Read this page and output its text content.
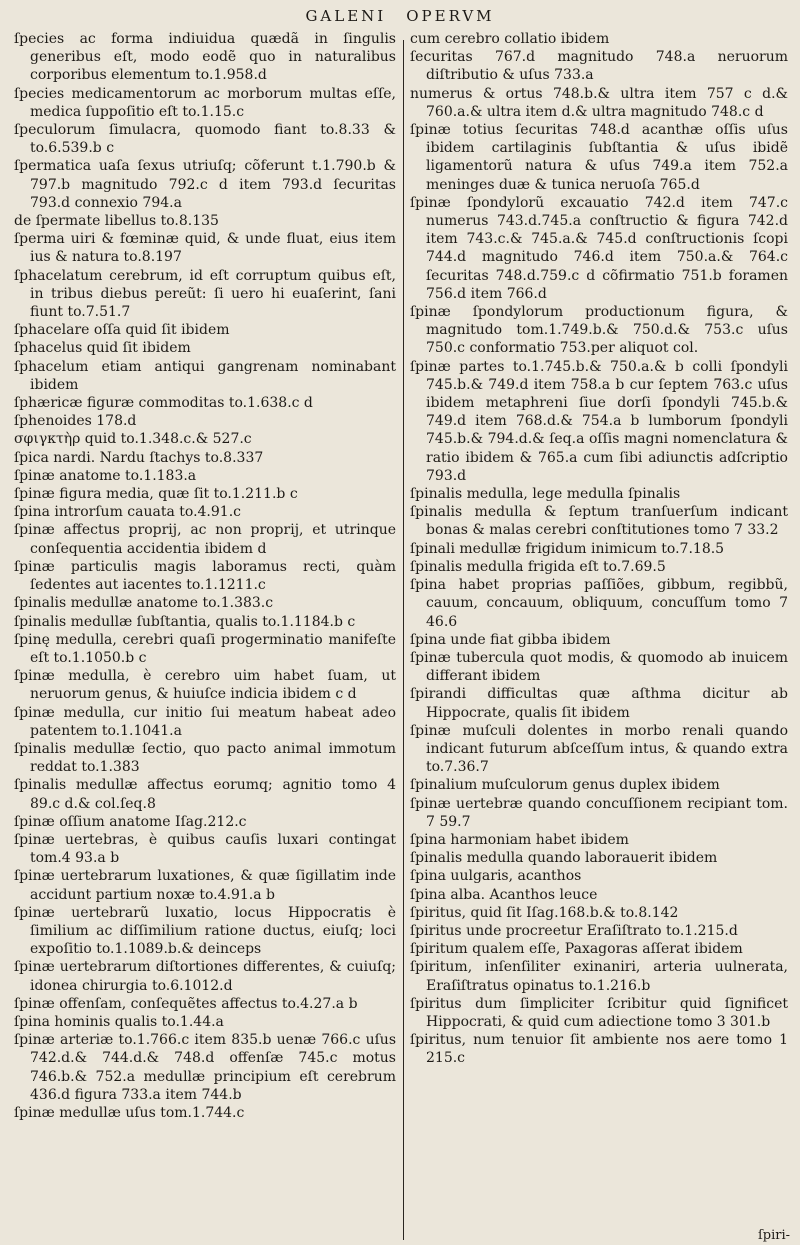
GALENI OPERVM

ſpecies ac forma indiuidua quædã in ſingulis generibus eſt, modo eodẽ quo in naturalibus corporibus elementum to.1.958.d

ſpecies medicamentorum ac morborum multas eſſe, medica ſuppoſitio eſt to.1.15.c

ſpeculorum ſimulacra, quomodo fiant to.8.33 & to.6.539.b c

ſpermatica uaſa ſexus utriuſq; cõferunt t.1.790.b & 797.b magnitudo 792.c d item 793.d ſecuritas 793.d connexio 794.a

de ſpermate libellus to.8.135

ſperma uiri & fœminæ quid, & unde fluat, eius item ius & natura to.8.197

ſphacelatum cerebrum, id eſt corruptum quibus eſt, in tribus diebus pereũt: ſi uero hi euaſerint, ſani fiunt to.7.51.7

ſphacelare oſſa quid ſit ibidem

ſphacelus quid ſit ibidem

ſphacelum etiam antiqui gangrenam nominabant ibidem

ſphæricæ figuræ commoditas to.1.638.c d

ſphenoides 178.d

σφιγκτὴρ quid to.1.348.c.& 527.c

ſpica nardi. Nardu ſtachys to.8.337

ſpinæ anatome to.1.183.a

ſpinæ figura media, quæ ſit to.1.211.b c

ſpina introrſum cauata to.4.91.c

ſpinæ affectus proprij, ac non proprij, et utrinque conſequentia accidentia ibidem d

ſpinæ particulis magis laboramus recti, quàm ſedentes aut iacentes to.1.1211.c

ſpinalis medullæ anatome to.1.383.c

ſpinalis medullæ ſubſtantia, qualis to.1.1184.b c

ſpinę medulla, cerebri quaſi progerminatio manifeſte eſt to.1.1050.b c

ſpinæ medulla, è cerebro uim habet ſuam, ut neruorum genus, & huiuſce indicia ibidem c d

ſpinæ medulla, cur initio ſui meatum habeat adeo patentem to.1.1041.a

ſpinalis medullæ ſectio, quo pacto animal immotum reddat to.1.383

ſpinalis medullæ affectus eorumq; agnitio tomo 4 89.c d.& col.ſeq.8

ſpinæ oſſium anatome Iſag.212.c

ſpinæ uertebras, è quibus cauſis luxari contingat tom.4 93.a b

ſpinæ uertebrarum luxationes, & quæ ſigillatim inde accidunt partium noxæ to.4.91.a b

ſpinæ uertebrarũ luxatio, locus Hippocratis è ſimilium ac diſſimilium ratione ductus, eiuſq; loci expoſitio to.1.1089.b.& deinceps

ſpinæ uertebrarum diſtortiones differentes, & cuiuſq; idonea chirurgia to.6.1012.d

ſpinæ offenſam, conſequẽtes affectus to.4.27.a b

ſpina hominis qualis to.1.44.a

ſpinæ arteriæ to.1.766.c item 835.b uenæ 766.c uſus 742.d.& 744.d.& 748.d offenſæ 745.c motus 746.b.& 752.a medullæ principium eſt cerebrum 436.d figura 733.a item 744.b

ſpinæ medullæ uſus tom.1.744.c

cum cerebro collatio ibidem

ſecuritas 767.d magnitudo 748.a neruorum diſtributio & uſus 733.a

numerus & ortus 748.b.& ultra item 757 c d.& 760.a.& ultra item d.& ultra magnitudo 748.c d

ſpinæ totius ſecuritas 748.d acanthæ oſſis uſus ibidem cartilaginis ſubſtantia & uſus ibidẽ ligamentorũ natura & uſus 749.a item 752.a meninges duæ & tunica neruoſa 765.d

ſpinæ ſpondylorũ excauatio 742.d item 747.c numerus 743.d.745.a conſtructio & figura 742.d item 743.c.& 745.a.& 745.d conſtructionis ſcopi 744.d magnitudo 746.d item 750.a.& 764.c ſecuritas 748.d.759.c d cõfirmatio 751.b foramen 756.d item 766.d

ſpinæ ſpondylorum productionum figura, & magnitudo tom.1.749.b.& 750.d.& 753.c uſus 750.c conformatio 753.per aliquot col.

ſpinæ partes to.1.745.b.& 750.a.& b colli ſpondyli 745.b.& 749.d item 758.a b cur ſeptem 763.c uſus ibidem metaphreni ſiue dorſi ſpondyli 745.b.& 749.d item 768.d.& 754.a b lumborum ſpondyli 745.b.& 794.d.& ſeq.a oſſis magni nomenclatura & ratio ibidem & 765.a cum ſibi adiunctis adſcriptio 793.d

ſpinalis medulla, lege medulla ſpinalis

ſpinalis medulla & ſeptum tranſuerſum indicant bonas & malas cerebri conſtitutiones tomo 7 33.2

ſpinali medullæ frigidum inimicum to.7.18.5

ſpinalis medulla frigida eſt to.7.69.5

ſpina habet proprias paſſiões, gibbum, regibbũ, cauum, concauum, obliquum, concuſſum tomo 7 46.6

ſpina unde fiat gibba ibidem

ſpinæ tubercula quot modis, & quomodo ab inuicem differant ibidem

ſpirandi difficultas quæ aſthma dicitur ab Hippocrate, qualis ſit ibidem

ſpinæ muſculi dolentes in morbo renali quando indicant futurum abſceſſum intus, & quando extra to.7.36.7

ſpinalium muſculorum genus duplex ibidem

ſpinæ uertebræ quando concuſſionem recipiant tom. 7 59.7

ſpina harmoniam habet ibidem

ſpinalis medulla quando laborauerit ibidem

ſpina uulgaris, acanthos

ſpina alba. Acanthos leuce

ſpiritus, quid ſit Iſag.168.b.& to.8.142

ſpiritus unde procreetur Eraſiſtrato to.1.215.d

ſpiritum qualem eſſe, Paxagoras aſſerat ibidem

ſpiritum, inſenſiliter exinaniri, arteria uulnerata, Eraſiſtratus opinatus to.1.216.b

ſpiritus dum ſimpliciter ſcribitur quid ſignificet Hippocrati, & quid cum adiectione tomo 3 301.b

ſpiritus, num tenuior ſit ambiente nos aere tomo 1 215.c

ſpiri-
